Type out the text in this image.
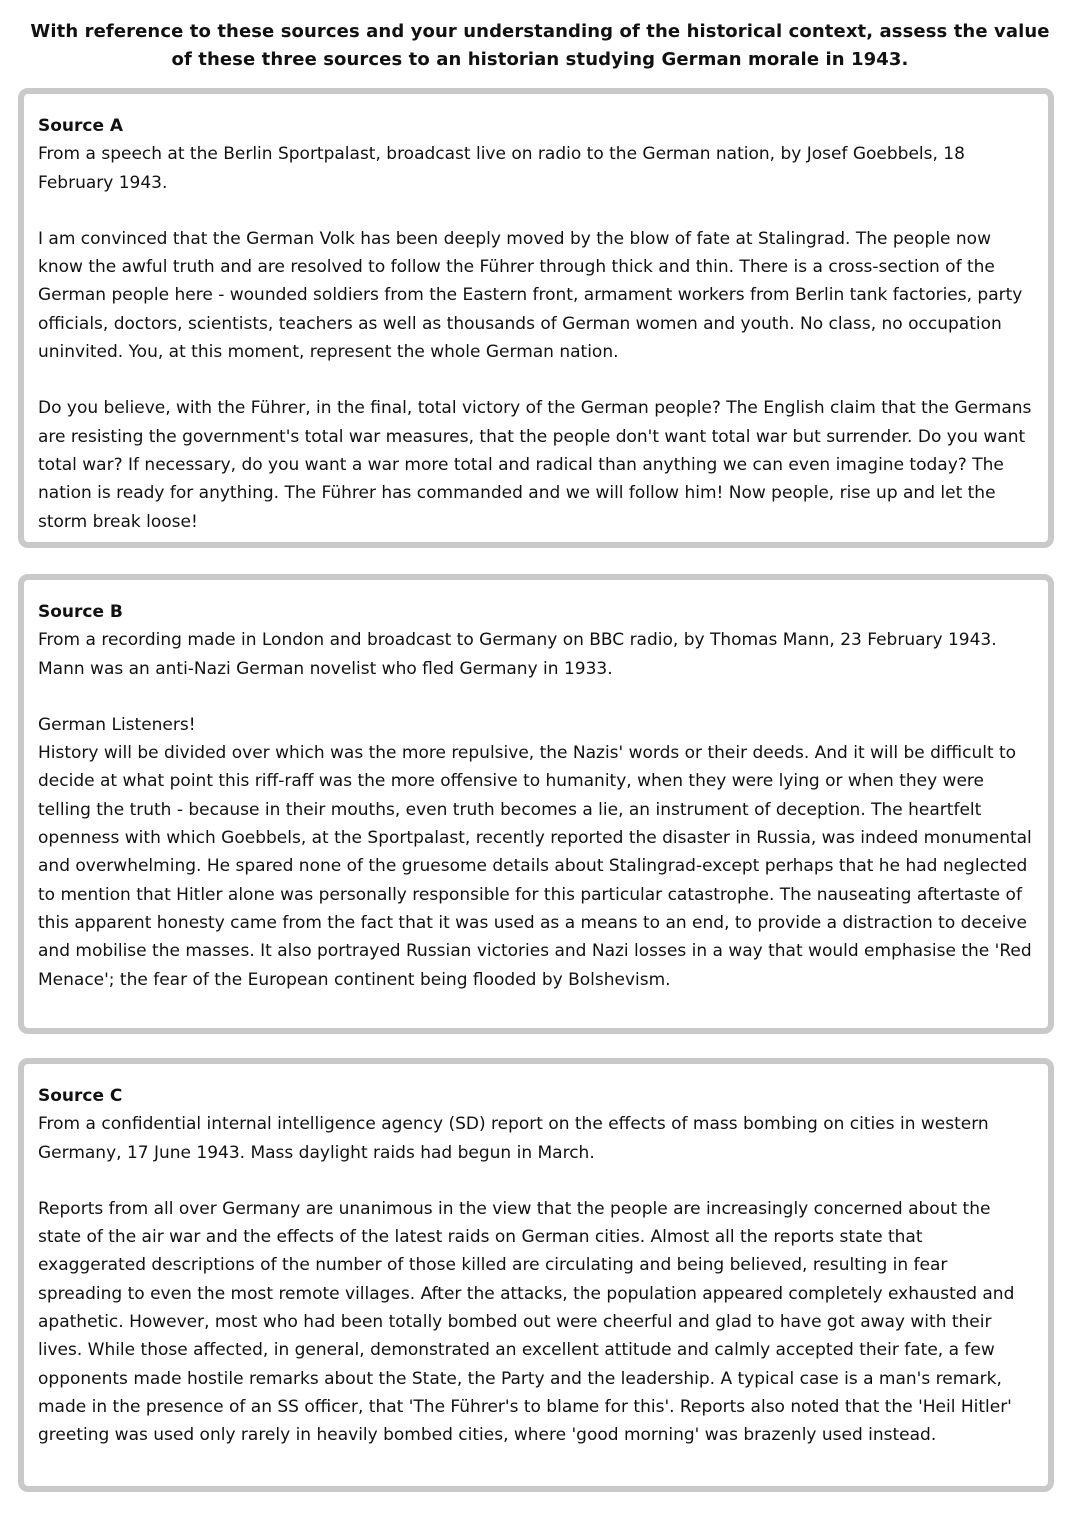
With reference to these sources and your understanding of the historical context, assess the value of these three sources to an historian studying German morale in 1943.

Source A

From a speech at the Berlin Sportpalast, broadcast live on radio to the German nation, by Josef Goebbels, 18 February 1943.

I am convinced that the German Volk has been deeply moved by the blow of fate at Stalingrad. The people now know the awful truth and are resolved to follow the Führer through thick and thin. There is a cross-section of the German people here - wounded soldiers from the Eastern front, armament workers from Berlin tank factories, party officials, doctors, scientists, teachers as well as thousands of German women and youth. No class, no occupation uninvited. You, at this moment, represent the whole German nation.

Do you believe, with the Führer, in the final, total victory of the German people? The English claim that the Germans are resisting the government's total war measures, that the people don't want total war but surrender. Do you want total war? If necessary, do you want a war more total and radical than anything we can even imagine today? The nation is ready for anything. The Führer has commanded and we will follow him! Now people, rise up and let the storm break loose!

Source B

From a recording made in London and broadcast to Germany on BBC radio, by Thomas Mann, 23 February 1943. Mann was an anti-Nazi German novelist who fled Germany in 1933.

German Listeners!

History will be divided over which was the more repulsive, the Nazis' words or their deeds. And it will be difficult to decide at what point this riff-raff was the more offensive to humanity, when they were lying or when they were telling the truth - because in their mouths, even truth becomes a lie, an instrument of deception. The heartfelt openness with which Goebbels, at the Sportpalast, recently reported the disaster in Russia, was indeed monumental and overwhelming. He spared none of the gruesome details about Stalingrad-except perhaps that he had neglected to mention that Hitler alone was personally responsible for this particular catastrophe. The nauseating aftertaste of this apparent honesty came from the fact that it was used as a means to an end, to provide a distraction to deceive and mobilise the masses. It also portrayed Russian victories and Nazi losses in a way that would emphasise the 'Red Menace'; the fear of the European continent being flooded by Bolshevism.

Source C

From a confidential internal intelligence agency (SD) report on the effects of mass bombing on cities in western Germany, 17 June 1943. Mass daylight raids had begun in March.

Reports from all over Germany are unanimous in the view that the people are increasingly concerned about the state of the air war and the effects of the latest raids on German cities. Almost all the reports state that exaggerated descriptions of the number of those killed are circulating and being believed, resulting in fear spreading to even the most remote villages. After the attacks, the population appeared completely exhausted and apathetic. However, most who had been totally bombed out were cheerful and glad to have got away with their lives. While those affected, in general, demonstrated an excellent attitude and calmly accepted their fate, a few opponents made hostile remarks about the State, the Party and the leadership. A typical case is a man's remark, made in the presence of an SS officer, that 'The Führer's to blame for this'. Reports also noted that the 'Heil Hitler' greeting was used only rarely in heavily bombed cities, where 'good morning' was brazenly used instead.
